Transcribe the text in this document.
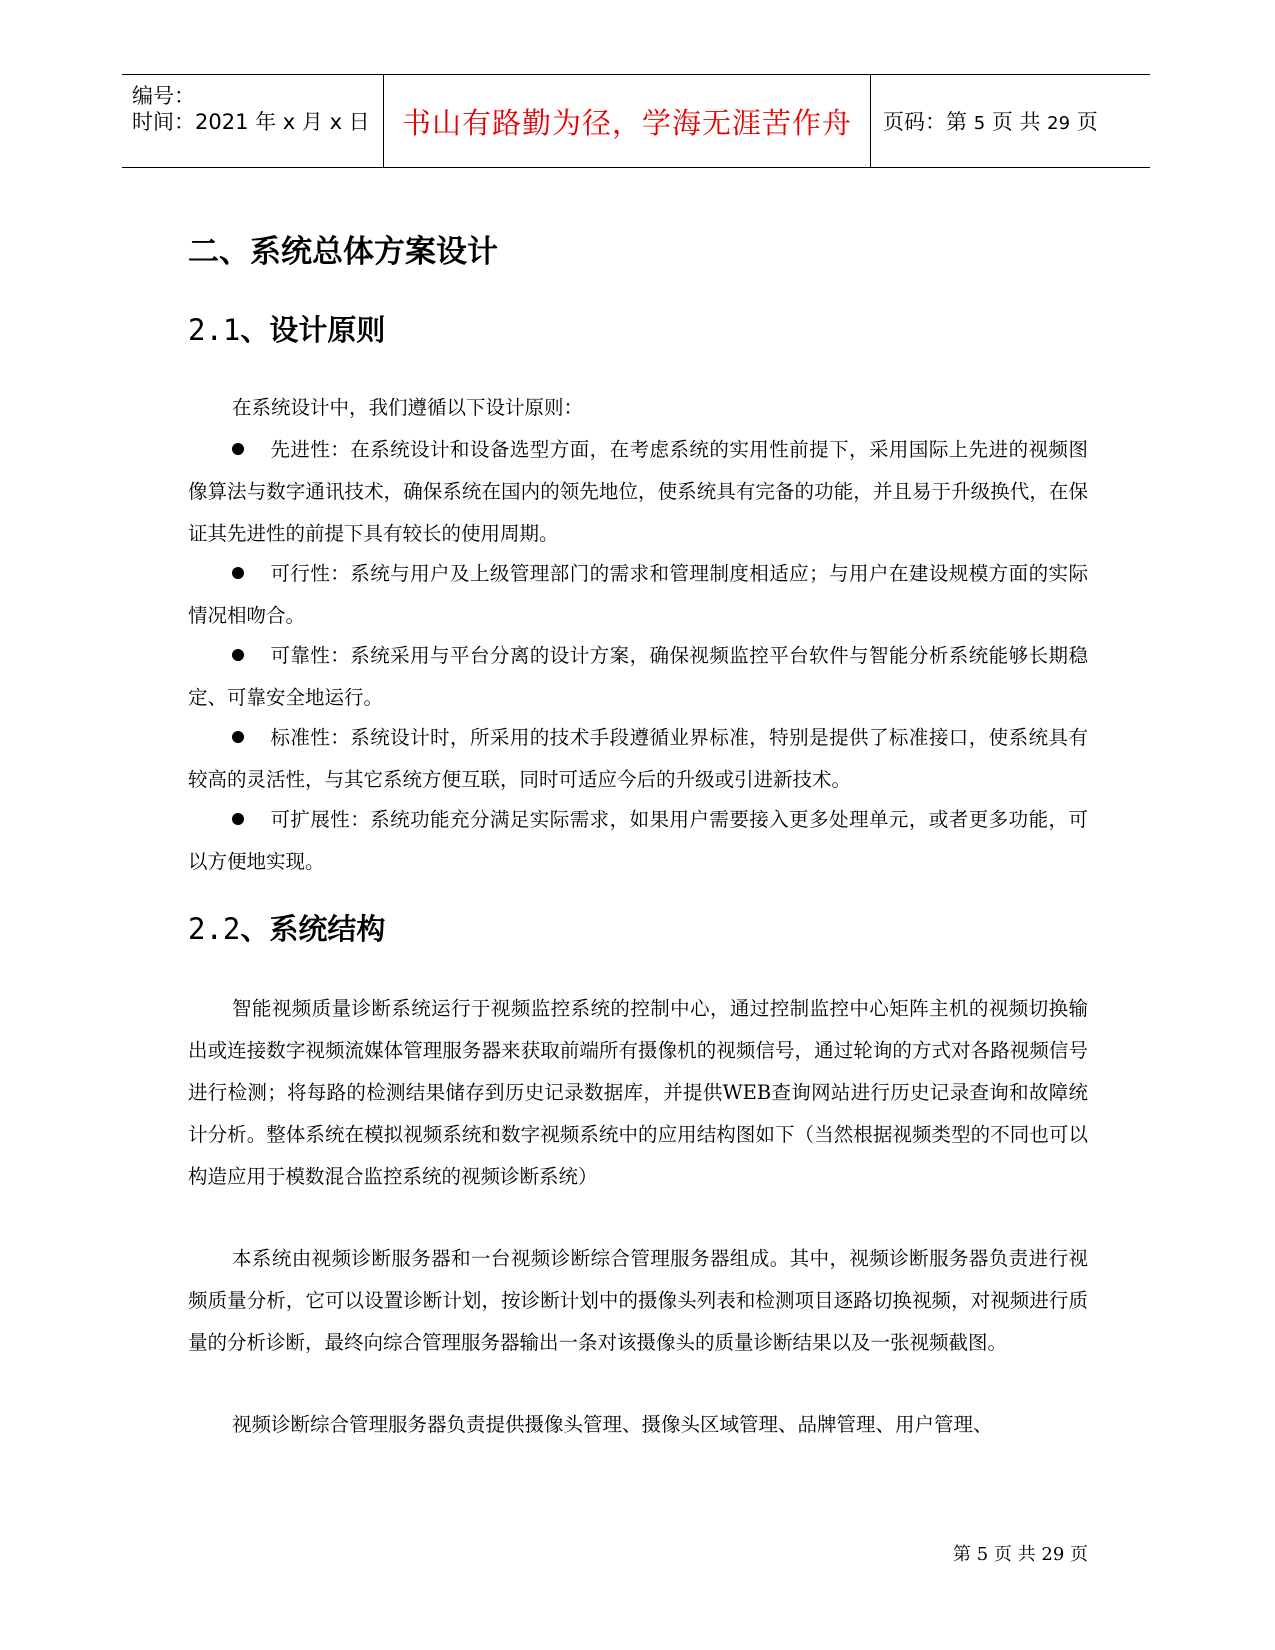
编号：
时间：2021 年 x 月 x 日 书山有路勤为径，学海无涯苦作舟 页码：第 5 页 共 29 页
二、系统总体方案设计
2.1、设计原则

在系统设计中，我们遵循以下设计原则：

先进性：在系统设计和设备选型方面，在考虑系统的实用性前提下，采用国际上先进的视频图像算法与数字通讯技术，确保系统在国内的领先地位，使系统具有完备的功能，并且易于升级换代，在保证其先进性的前提下具有较长的使用周期。

可行性：系统与用户及上级管理部门的需求和管理制度相适应；与用户在建设规模方面的实际情况相吻合。

可靠性：系统采用与平台分离的设计方案，确保视频监控平台软件与智能分析系统能够长期稳定、可靠安全地运行。

标准性：系统设计时，所采用的技术手段遵循业界标准，特别是提供了标准接口，使系统具有较高的灵活性，与其它系统方便互联，同时可适应今后的升级或引进新技术。

可扩展性：系统功能充分满足实际需求，如果用户需要接入更多处理单元，或者更多功能，可以方便地实现。

2.2、系统结构

智能视频质量诊断系统运行于视频监控系统的控制中心，通过控制监控中心矩阵主机的视频切换输出或连接数字视频流媒体管理服务器来获取前端所有摄像机的视频信号，通过轮询的方式对各路视频信号进行检测；将每路的检测结果储存到历史记录数据库，并提供WEB查询网站进行历史记录查询和故障统计分析。整体系统在模拟视频系统和数字视频系统中的应用结构图如下（当然根据视频类型的不同也可以构造应用于模数混合监控系统的视频诊断系统）

本系统由视频诊断服务器和一台视频诊断综合管理服务器组成。其中，视频诊断服务器负责进行视频质量分析，它可以设置诊断计划，按诊断计划中的摄像头列表和检测项目逐路切换视频，对视频进行质量的分析诊断，最终向综合管理服务器输出一条对该摄像头的质量诊断结果以及一张视频截图。

视频诊断综合管理服务器负责提供摄像头管理、摄像头区域管理、品牌管理、用户管理、

第 5 页 共 29 页
